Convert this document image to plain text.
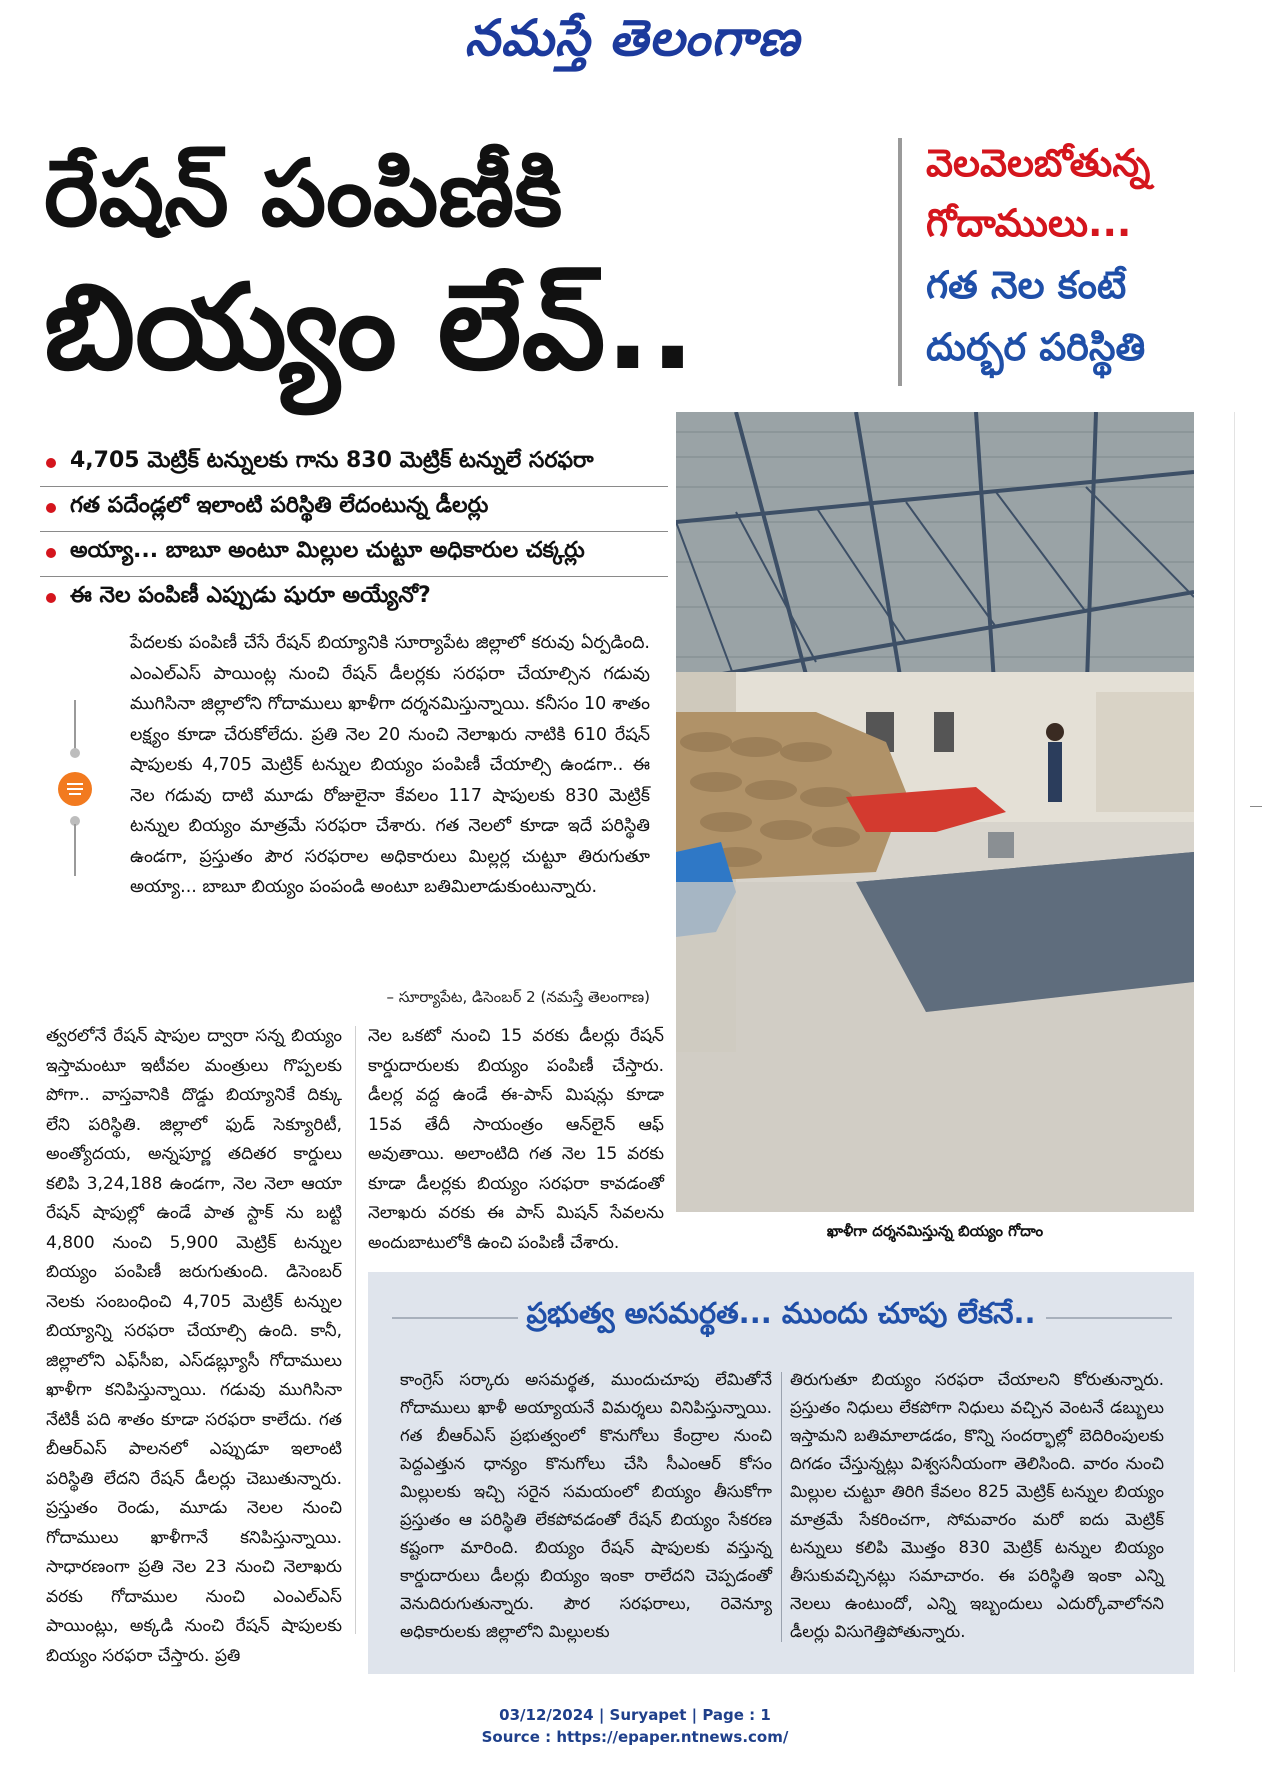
నమస్తే తెలంగాణ
రేషన్ పంపిణీకి
బియ్యం లేవ్..
వెలవెలబోతున్న
గోదాములు...
గత నెల కంటే
దుర్భర పరిస్థితి
4,705 మెట్రిక్ టన్నులకు గాను 830 మెట్రిక్ టన్నులే సరఫరా
గత పదేండ్లలో ఇలాంటి పరిస్థితి లేదంటున్న డీలర్లు
అయ్యా... బాబూ అంటూ మిల్లుల చుట్టూ అధికారుల చక్కర్లు
ఈ నెల పంపిణీ ఎప్పుడు షురూ అయ్యేనో?
పేదలకు పంపిణీ చేసే రేషన్ బియ్యానికి సూర్యాపేట జిల్లాలో కరువు ఏర్పడింది. ఎంఎల్ఎస్ పాయింట్ల నుంచి రేషన్ డీలర్లకు సరఫరా చేయాల్సిన గడువు ముగిసినా జిల్లాలోని గోదాములు ఖాళీగా దర్శనమిస్తున్నాయి. కనీసం 10 శాతం లక్ష్యం కూడా చేరుకోలేదు. ప్రతి నెల 20 నుంచి నెలాఖరు నాటికి 610 రేషన్ షాపులకు 4,705 మెట్రిక్ టన్నుల బియ్యం పంపిణీ చేయాల్సి ఉండగా.. ఈ నెల గడువు దాటి మూడు రోజులైనా కేవలం 117 షాపులకు 830 మెట్రిక్ టన్నుల బియ్యం మాత్రమే సరఫరా చేశారు. గత నెలలో కూడా ఇదే పరిస్థితి ఉండగా, ప్రస్తుతం పౌర సరఫరాల అధికారులు మిల్లర్ల చుట్టూ తిరుగుతూ అయ్యా... బాబూ బియ్యం పంపండి అంటూ బతిమిలాడుకుంటున్నారు.
– సూర్యాపేట, డిసెంబర్ 2 (నమస్తే తెలంగాణ)
ఖాళీగా దర్శనమిస్తున్న బియ్యం గోదాం
త్వరలోనే రేషన్ షాపుల ద్వారా సన్న బియ్యం ఇస్తామంటూ ఇటీవల మంత్రులు గొప్పలకు పోగా.. వాస్తవానికి దొడ్డు బియ్యానికే దిక్కు లేని పరిస్థితి. జిల్లాలో ఫుడ్ సెక్యూరిటీ, అంత్యోదయ, అన్నపూర్ణ తదితర కార్డులు కలిపి 3,24,188 ఉండగా, నెల నెలా ఆయా రేషన్ షాపుల్లో ఉండే పాత స్టాక్ ను బట్టి 4,800 నుంచి 5,900 మెట్రిక్ టన్నుల బియ్యం పంపిణీ జరుగుతుంది. డిసెంబర్ నెలకు సంబంధించి 4,705 మెట్రిక్ టన్నుల బియ్యాన్ని సరఫరా చేయాల్సి ఉంది. కానీ, జిల్లాలోని ఎఫ్‌సీఐ, ఎస్‌డబ్ల్యూసీ గోదాములు ఖాళీగా కనిపిస్తున్నాయి. గడువు ముగిసినా నేటికీ పది శాతం కూడా సరఫరా కాలేదు. గత బీఆర్ఎస్ పాలనలో ఎప్పుడూ ఇలాంటి పరిస్థితి లేదని రేషన్ డీలర్లు చెబుతున్నారు. ప్రస్తుతం రెండు, మూడు నెలల నుంచి గోదాములు ఖాళీగానే కనిపిస్తున్నాయి. సాధారణంగా ప్రతి నెల 23 నుంచి నెలాఖరు వరకు గోదాముల నుంచి ఎంఎల్ఎస్ పాయింట్లు, అక్కడి నుంచి రేషన్ షాపులకు బియ్యం సరఫరా చేస్తారు. ప్రతి
నెల ఒకటో నుంచి 15 వరకు డీలర్లు రేషన్ కార్డుదారులకు బియ్యం పంపిణీ చేస్తారు. డీలర్ల వద్ద ఉండే ఈ-పాస్ మిషన్లు కూడా 15వ తేదీ సాయంత్రం ఆన్‌లైన్ ఆఫ్ అవుతాయి. అలాంటిది గత నెల 15 వరకు కూడా డీలర్లకు బియ్యం సరఫరా కావడంతో నెలాఖరు వరకు ఈ పాస్ మిషన్ సేవలను అందుబాటులోకి ఉంచి పంపిణీ చేశారు.
ప్రభుత్వ అసమర్థత... ముందు చూపు లేకనే..
కాంగ్రెస్ సర్కారు అసమర్థత, ముందుచూపు లేమితోనే గోదాములు ఖాళీ అయ్యాయనే విమర్శలు వినిపిస్తున్నాయి. గత బీఆర్ఎస్ ప్రభుత్వంలో కొనుగోలు కేంద్రాల నుంచి పెద్దఎత్తున ధాన్యం కొనుగోలు చేసి సీఎంఆర్ కోసం మిల్లులకు ఇచ్చి సరైన సమయంలో బియ్యం తీసుకోగా ప్రస్తుతం ఆ పరిస్థితి లేకపోవడంతో రేషన్ బియ్యం సేకరణ కష్టంగా మారింది. బియ్యం రేషన్ షాపులకు వస్తున్న కార్డుదారులు డీలర్లు బియ్యం ఇంకా రాలేదని చెప్పడంతో వెనుదిరుగుతున్నారు. పౌర సరఫరాలు, రెవెన్యూ అధికారులకు జిల్లాలోని మిల్లులకు
తిరుగుతూ బియ్యం సరఫరా చేయాలని కోరుతున్నారు. ప్రస్తుతం నిధులు లేకపోగా నిధులు వచ్చిన వెంటనే డబ్బులు ఇస్తామని బతిమాలాడడం, కొన్ని సందర్భాల్లో బెదిరింపులకు దిగడం చేస్తున్నట్లు విశ్వసనీయంగా తెలిసింది. వారం నుంచి మిల్లుల చుట్టూ తిరిగి కేవలం 825 మెట్రిక్ టన్నుల బియ్యం మాత్రమే సేకరించగా, సోమవారం మరో ఐదు మెట్రిక్ టన్నులు కలిపి మొత్తం 830 మెట్రిక్ టన్నుల బియ్యం తీసుకువచ్చినట్లు సమాచారం. ఈ పరిస్థితి ఇంకా ఎన్ని నెలలు ఉంటుందో, ఎన్ని ఇబ్బందులు ఎదుర్కోవాలోనని డీలర్లు విసుగెత్తిపోతున్నారు.
03/12/2024 | Suryapet | Page : 1
Source : https://epaper.ntnews.com/
